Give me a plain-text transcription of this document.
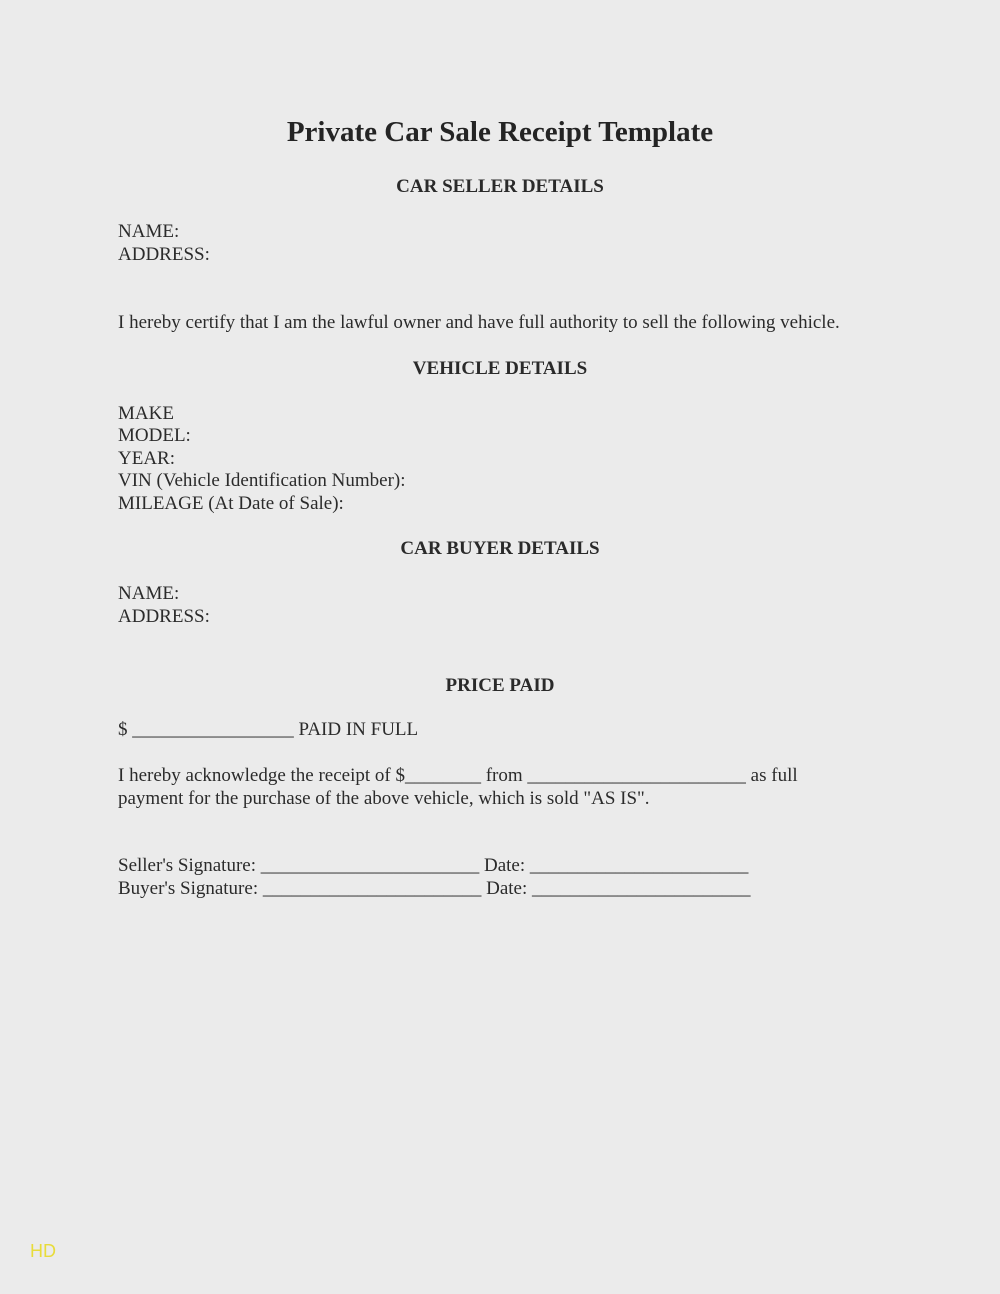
Private Car Sale Receipt Template
CAR SELLER DETAILS
NAME:
ADDRESS:
I hereby certify that I am the lawful owner and have full authority to sell the following vehicle.
VEHICLE DETAILS
MAKE
MODEL:
YEAR:
VIN (Vehicle Identification Number):
MILEAGE (At Date of Sale):
CAR BUYER DETAILS
NAME:
ADDRESS:
PRICE PAID
$ _________________ PAID IN FULL
I hereby acknowledge the receipt of $________ from _______________________ as full
payment for the purchase of the above vehicle, which is sold "AS IS".
Seller's Signature: _______________________ Date: _______________________
Buyer's Signature: _______________________ Date: _______________________
HD
